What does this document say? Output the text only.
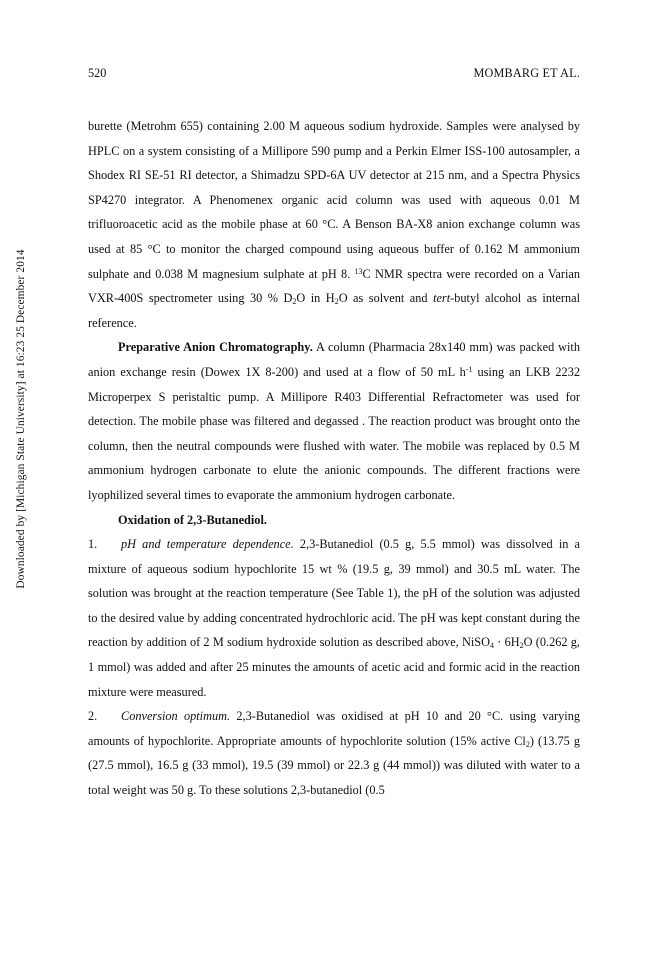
520	MOMBARG ET AL.
Downloaded by [Michigan State University] at 16:23 25 December 2014

burette (Metrohm 655) containing 2.00 M aqueous sodium hydroxide. Samples were analysed by HPLC on a system consisting of a Millipore 590 pump and a Perkin Elmer ISS-100 autosampler, a Shodex RI SE-51 RI detector, a Shimadzu SPD-6A UV detector at 215 nm, and a Spectra Physics SP4270 integrator. A Phenomenex organic acid column was used with aqueous 0.01 M trifluoroacetic acid as the mobile phase at 60 °C. A Benson BA-X8 anion exchange column was used at 85 °C to monitor the charged compound using aqueous buffer of 0.162 M ammonium sulphate and 0.038 M magnesium sulphate at pH 8. $^{13}$C NMR spectra were recorded on a Varian VXR-400S spectrometer using 30 % $D_2O$ in $H_2O$ as solvent and tert-butyl alcohol as internal reference.

Preparative Anion Chromatography. A column (Pharmacia 28x140 mm) was packed with anion exchange resin (Dowex 1X 8-200) and used at a flow of 50 mL $h^{-1}$ using an LKB 2232 Microperpex S peristaltic pump. A Millipore R403 Differential Refractometer was used for detection. The mobile phase was filtered and degassed . The reaction product was brought onto the column, then the neutral compounds were flushed with water. The mobile was replaced by 0.5 M ammonium hydrogen carbonate to elute the anionic compounds. The different fractions were lyophilized several times to evaporate the ammonium hydrogen carbonate.

Oxidation of 2,3-Butanediol.

1. pH and temperature dependence. 2,3-Butanediol (0.5 g, 5.5 mmol) was dissolved in a mixture of aqueous sodium hypochlorite 15 wt % (19.5 g, 39 mmol) and 30.5 mL water. The solution was brought at the reaction temperature (See Table 1), the pH of the solution was adjusted to the desired value by adding concentrated hydrochloric acid. The pH was kept constant during the reaction by addition of 2 M sodium hydroxide solution as described above, NiSO$_4$ · $6H_2O$ (0.262 g, 1 mmol) was added and after 25 minutes the amounts of acetic acid and formic acid in the reaction mixture were measured.

2. Conversion optimum. 2,3-Butanediol was oxidised at pH 10 and 20 °C. using varying amounts of hypochlorite. Appropriate amounts of hypochlorite solution (15% active $Cl_2$) (13.75 g (27.5 mmol), 16.5 g (33 mmol), 19.5 (39 mmol) or 22.3 g (44 mmol)) was diluted with water to a total weight was 50 g. To these solutions 2,3-butanediol (0.5
